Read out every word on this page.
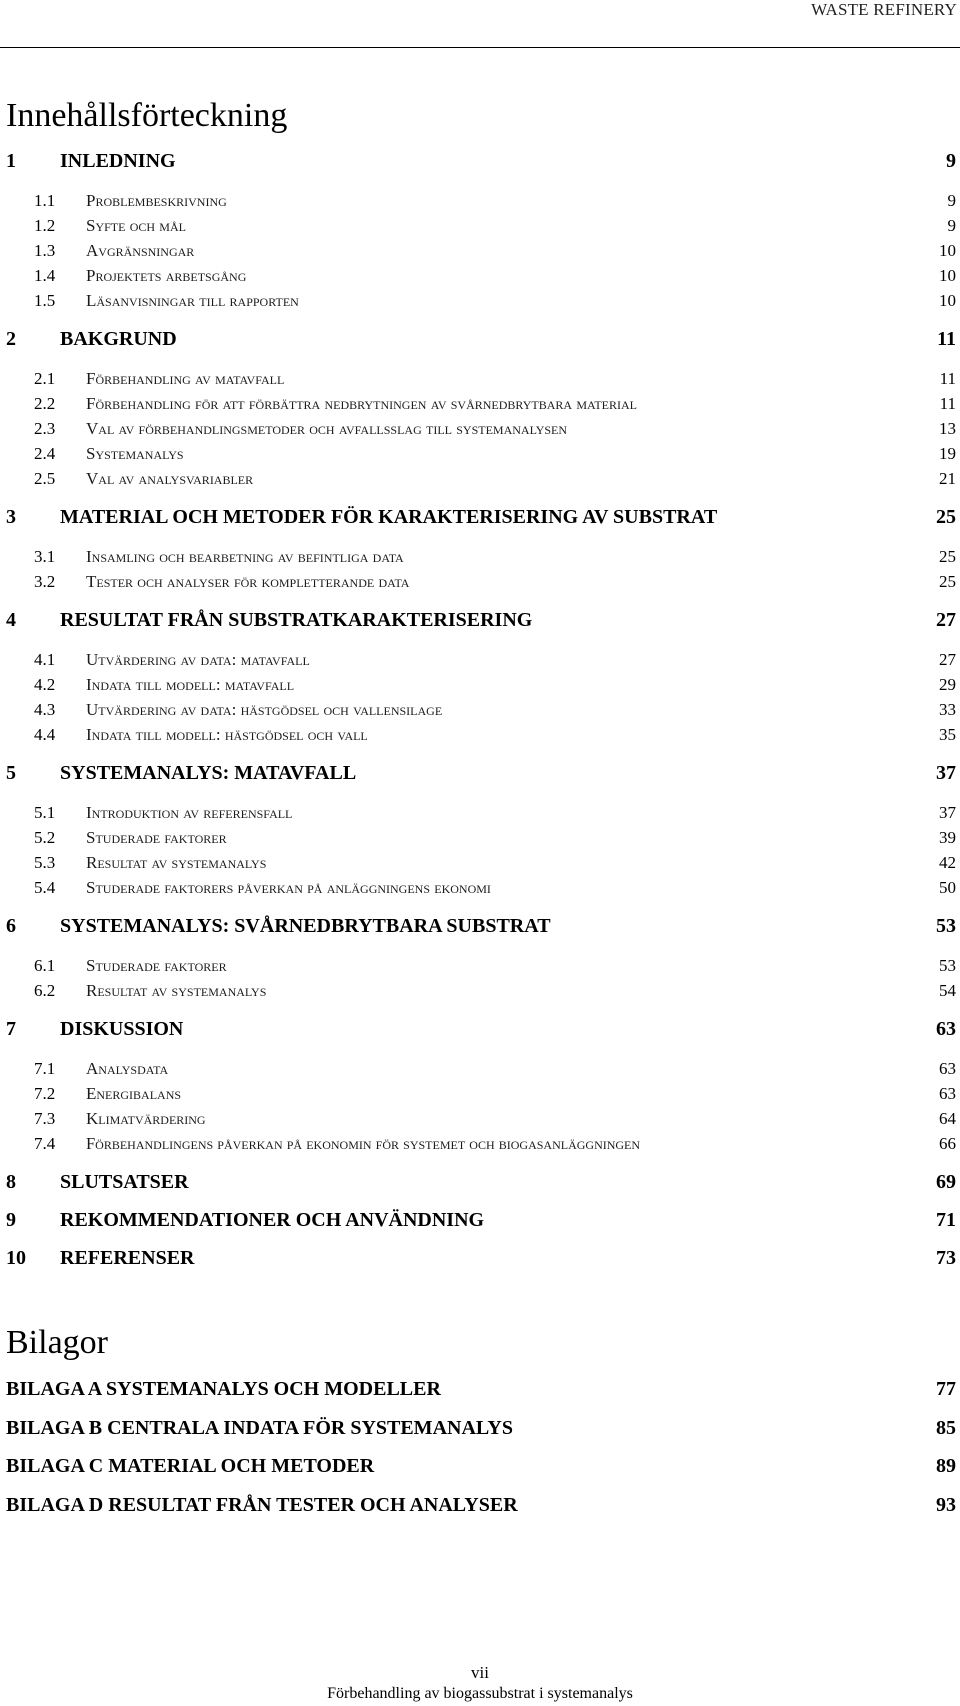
WASTE REFINERY
Innehållsförteckning
1 INLEDNING	9
1.1 Problembeskrivning	9
1.2 Syfte och mål	9
1.3 Avgränsningar	10
1.4 Projektets arbetsgång	10
1.5 Läsanvisningar till rapporten	10
2 BAKGRUND	11
2.1 Förbehandling av matavfall	11
2.2 Förbehandling för att förbättra nedbrytningen av svårnedbrytbara material	11
2.3 Val av förbehandlingsmetoder och avfallsslag till systemanalysen	13
2.4 Systemanalys	19
2.5 Val av analysvariabler	21
3 MATERIAL OCH METODER FÖR KARAKTERISERING AV SUBSTRAT	25
3.1 Insamling och bearbetning av befintliga data	25
3.2 Tester och analyser för kompletterande data	25
4 RESULTAT FRÅN SUBSTRATKARAKTERISERING	27
4.1 Utvärdering av data: matavfall	27
4.2 Indata till modell: matavfall	29
4.3 Utvärdering av data: hästgödsel och vallensilage	33
4.4 Indata till modell: hästgödsel och vall	35
5 SYSTEMANALYS: MATAVFALL	37
5.1 Introduktion av referensfall	37
5.2 Studerade faktorer	39
5.3 Resultat av systemanalys	42
5.4 Studerade faktorers påverkan på anläggningens ekonomi	50
6 SYSTEMANALYS: SVÅRNEDBRYTBARA SUBSTRAT	53
6.1 Studerade faktorer	53
6.2 Resultat av systemanalys	54
7 DISKUSSION	63
7.1 Analysdata	63
7.2 Energibalans	63
7.3 Klimatvärdering	64
7.4 Förbehandlingens påverkan på ekonomin för systemet och biogasanläggningen	66
8 SLUTSATSER	69
9 REKOMMENDATIONER OCH ANVÄNDNING	71
10 REFERENSER	73
Bilagor
BILAGA A SYSTEMANALYS OCH MODELLER	77
BILAGA B CENTRALA INDATA FÖR SYSTEMANALYS	85
BILAGA C MATERIAL OCH METODER	89
BILAGA D RESULTAT FRÅN TESTER OCH ANALYSER	93
vii
Förbehandling av biogassubstrat i systemanalys
